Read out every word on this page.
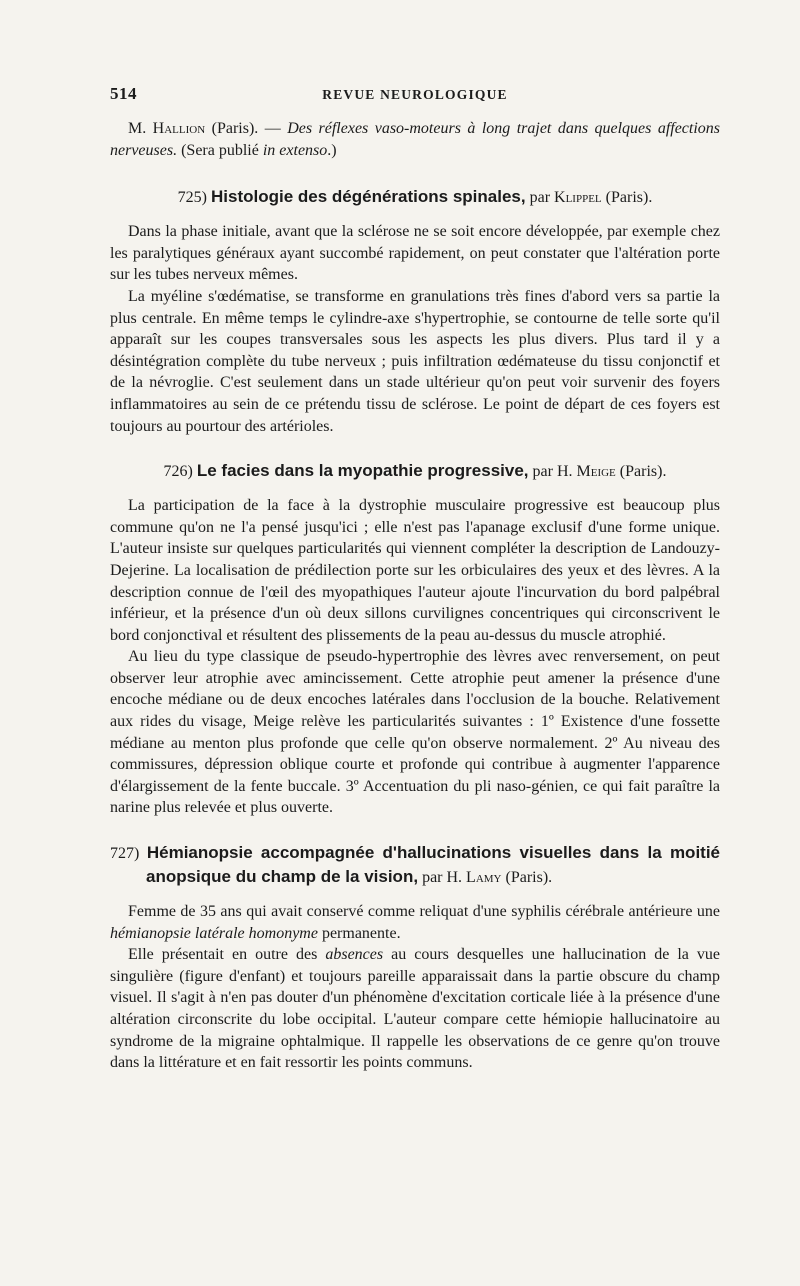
514	REVUE NEUROLOGIQUE

M. Hallion (Paris). — Des réflexes vaso-moteurs à long trajet dans quelques affections nerveuses. (Sera publié in extenso.)

725) Histologie des dégénérations spinales, par Klippel (Paris).

Dans la phase initiale, avant que la sclérose ne se soit encore développée, par exemple chez les paralytiques généraux ayant succombé rapidement, on peut constater que l'altération porte sur les tubes nerveux mêmes.

La myéline s'œdématise, se transforme en granulations très fines d'abord vers sa partie la plus centrale. En même temps le cylindre-axe s'hypertrophie, se contourne de telle sorte qu'il apparaît sur les coupes transversales sous les aspects les plus divers. Plus tard il y a désintégration complète du tube nerveux ; puis infiltration œdémateuse du tissu conjonctif et de la névroglie. C'est seulement dans un stade ultérieur qu'on peut voir survenir des foyers inflammatoires au sein de ce prétendu tissu de sclérose. Le point de départ de ces foyers est toujours au pourtour des artérioles.

726) Le facies dans la myopathie progressive, par H. Meige (Paris).

La participation de la face à la dystrophie musculaire progressive est beaucoup plus commune qu'on ne l'a pensé jusqu'ici ; elle n'est pas l'apanage exclusif d'une forme unique. L'auteur insiste sur quelques particularités qui viennent compléter la description de Landouzy-Dejerine. La localisation de prédilection porte sur les orbiculaires des yeux et des lèvres. A la description connue de l'œil des myopathiques l'auteur ajoute l'incurvation du bord palpébral inférieur, et la présence d'un où deux sillons curvilignes concentriques qui circonscrivent le bord conjonctival et résultent des plissements de la peau au-dessus du muscle atrophié.

Au lieu du type classique de pseudo-hypertrophie des lèvres avec renversement, on peut observer leur atrophie avec amincissement. Cette atrophie peut amener la présence d'une encoche médiane ou de deux encoches latérales dans l'occlusion de la bouche. Relativement aux rides du visage, Meige relève les particularités suivantes : 1º Existence d'une fossette médiane au menton plus profonde que celle qu'on observe normalement. 2º Au niveau des commissures, dépression oblique courte et profonde qui contribue à augmenter l'apparence d'élargissement de la fente buccale. 3º Accentuation du pli naso-génien, ce qui fait paraître la narine plus relevée et plus ouverte.

727) Hémianopsie accompagnée d'hallucinations visuelles dans la moitié anopsique du champ de la vision, par H. Lamy (Paris).

Femme de 35 ans qui avait conservé comme reliquat d'une syphilis cérébrale antérieure une hémianopsie latérale homonyme permanente.

Elle présentait en outre des absences au cours desquelles une hallucination de la vue singulière (figure d'enfant) et toujours pareille apparaissait dans la partie obscure du champ visuel. Il s'agit à n'en pas douter d'un phénomène d'excitation corticale liée à la présence d'une altération circonscrite du lobe occipital. L'auteur compare cette hémiopie hallucinatoire au syndrome de la migraine ophtalmique. Il rappelle les observations de ce genre qu'on trouve dans la littérature et en fait ressortir les points communs.
